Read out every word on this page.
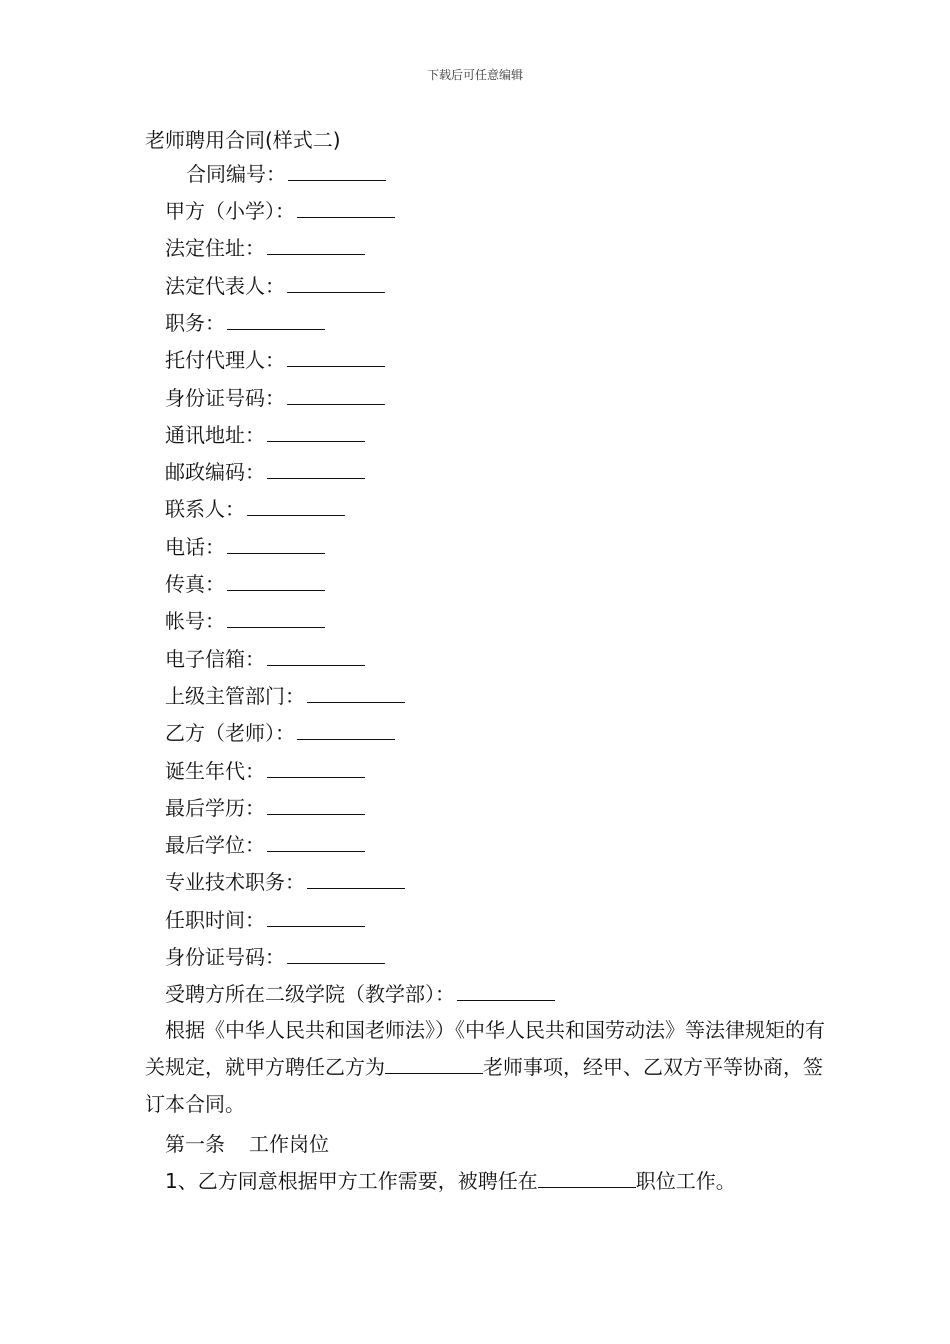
下载后可任意编辑
老师聘用合同(样式二)
合同编号：
甲方（小学）：
法定住址：
法定代表人：
职务：
托付代理人：
身份证号码：
通讯地址：
邮政编码：
联系人：
电话：
传真：
帐号：
电子信箱：
上级主管部门：
乙方（老师）：
诞生年代：
最后学历：
最后学位：
专业技术职务：
任职时间：
身份证号码：
受聘方所在二级学院（教学部）：
根据《中华人民共和国老师法》）《中华人民共和国劳动法》等法律规矩的有关规定，就甲方聘任乙方为	老师事项，经甲、乙双方平等协商，签订本合同。
第一条 工作岗位
1、乙方同意根据甲方工作需要，被聘任在	职位工作。
